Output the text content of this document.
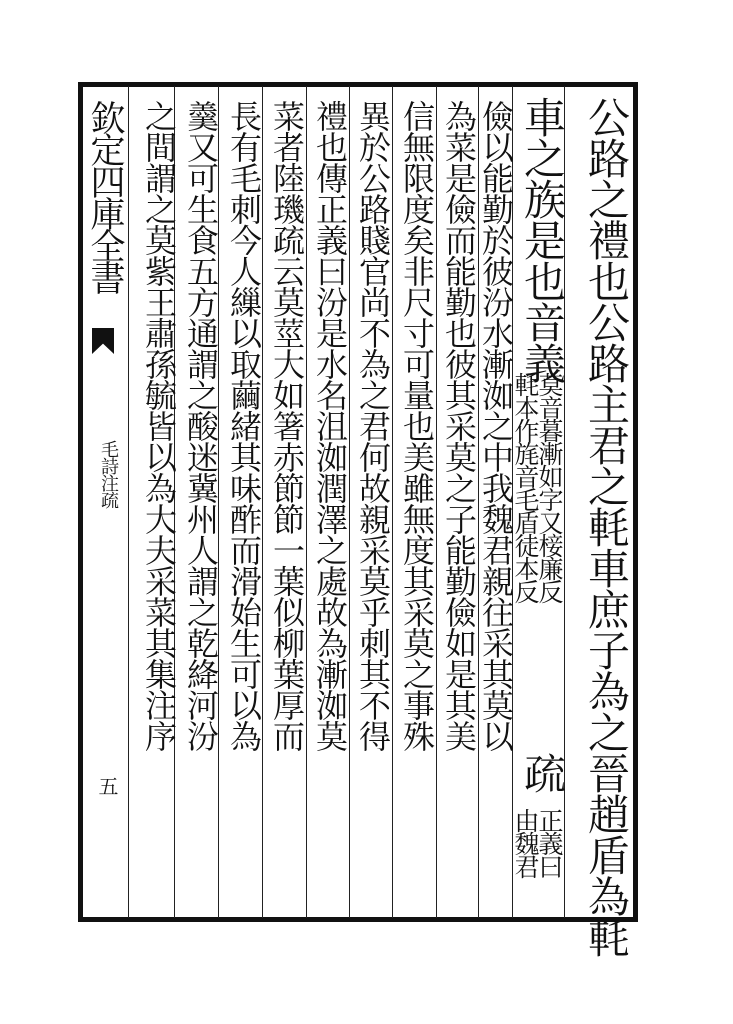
欽定四庫全書
毛詩注疏
五	公路之禮也公路主君之軞車庶子為之晉趙盾為軞
車之族是也音義
莫音暮漸如字又椄廉反
軞本作旄音毛盾徒本反
疏
正義曰
由魏君
儉以能勤於彼汾水漸洳之中我魏君親往采其莫以
為菜是儉而能勤也彼其采莫之子能勤儉如是其美
信無限度矣非尺寸可量也美雖無度其采莫之事殊
異於公路賤官尚不為之君何故親采莫乎刺其不得
禮也傳正義曰汾是水名沮洳潤澤之處故為漸洳莫
菜者陸璣疏云莫莖大如箸赤節節一葉似柳葉厚而
長有毛刺今人繅以取繭緒其味酢而滑始生可以為
羹又可生食五方通謂之酸迷冀州人謂之乾絳河汾
之間謂之莫紫王肅孫毓皆以為大夫采菜其集注序
